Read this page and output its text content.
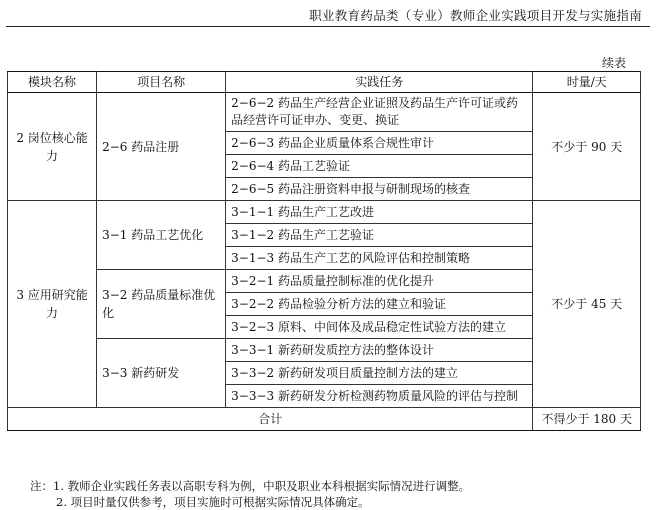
职业教育药品类（专业）教师企业实践项目开发与实施指南
续表
模块名称	项目名称	实践任务	时量/天
2 岗位核心能力	2−6 药品注册	2−6−2 药品生产经营企业证照及药品生产许可证或药品经营许可证申办、变更、换证	不少于 90 天
		2−6−3 药品企业质量体系合规性审计	
		2−6−4 药品工艺验证	
		2−6−5 药品注册资料申报与研制现场的核查	
3 应用研究能力	3−1 药品工艺优化	3−1−1 药品生产工艺改进	不少于 45 天
		3−1−2 药品生产工艺验证	
		3−1−3 药品生产工艺的风险评估和控制策略	
	3−2 药品质量标准优化	3−2−1 药品质量控制标准的优化提升	
		3−2−2 药品检验分析方法的建立和验证	
		3−2−3 原料、中间体及成品稳定性试验方法的建立	
	3−3 新药研发	3−3−1 新药研发质控方法的整体设计	
		3−3−2 新药研发项目质量控制方法的建立	
		3−3−3 新药研发分析检测药物质量风险的评估与控制	
合计			不得少于 180 天
注：1. 教师企业实践任务表以高职专科为例，中职及职业本科根据实际情况进行调整。
2. 项目时量仅供参考，项目实施时可根据实际情况具体确定。
